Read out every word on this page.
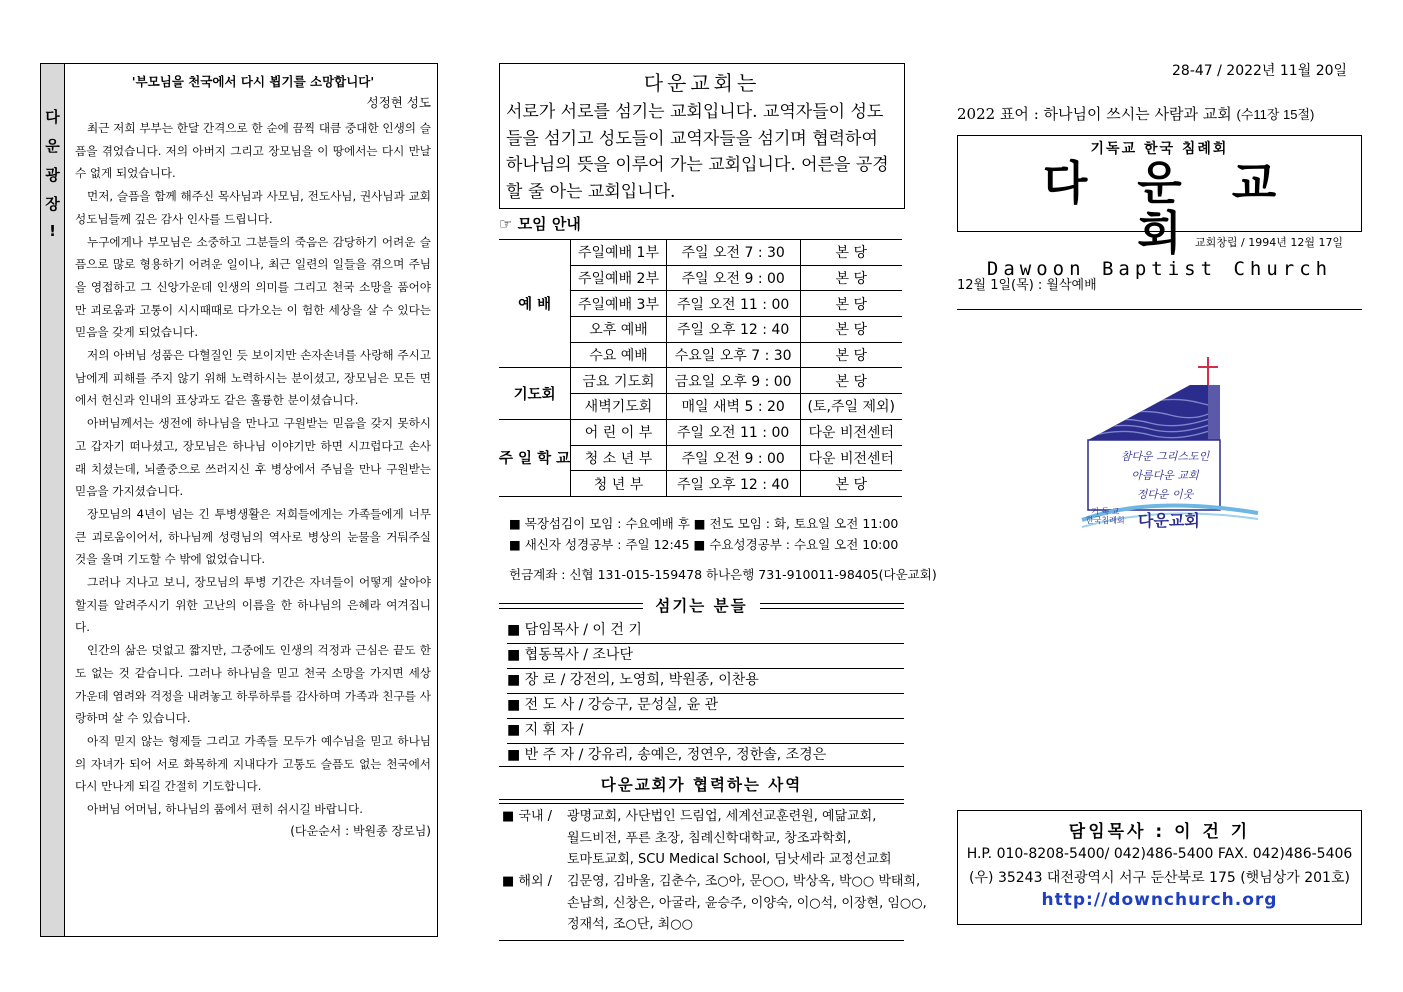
다
운
광
장
!
'부모님을 천국에서 다시 뵙기를 소망합니다'
성정현 성도

최근 저희 부부는 한달 간격으로 한 순에 끔찍 대큼 중대한 인생의 슬픔을 겪었습니다. 저의 아버지 그리고 장모님을 이 땅에서는 다시 만날 수 없게 되었습니다.

먼저, 슬픔을 함께 해주신 목사님과 사모님, 전도사님, 권사님과 교회 성도님들께 깊은 감사 인사를 드립니다.

누구에게나 부모님은 소중하고 그분들의 죽음은 감당하기 어려운 슬픔으로 많로 형용하기 어려운 일이나, 최근 일련의 일들을 겪으며 주님을 영접하고 그 신앙가운데 인생의 의미를 그리고 천국 소망을 품어야만 괴로움과 고통이 시시때때로 다가오는 이 험한 세상을 살 수 있다는 믿음을 갖게 되었습니다.

저의 아버님 성품은 다혈질인 듯 보이지만 손자손녀를 사랑해 주시고 남에게 피해를 주지 않기 위해 노력하시는 분이셨고, 장모님은 모든 면에서 헌신과 인내의 표상과도 같은 훌륭한 분이셨습니다.

아버님께서는 생전에 하나님을 만나고 구원받는 믿음을 갖지 못하시고 갑자기 떠나셨고, 장모님은 하나님 이야기만 하면 시끄럽다고 손사래 치셨는데, 뇌졸중으로 쓰러지신 후 병상에서 주님을 만나 구원받는 믿음을 가지셨습니다.

장모님의 4년이 넘는 긴 투병생활은 저희들에게는 가족들에게 너무 큰 괴로움이어서, 하나님께 성령님의 역사로 병상의 눈물을 거둬주실 것을 울며 기도할 수 밖에 없었습니다.

그러나 지나고 보니, 장모님의 투병 기간은 자녀들이 어떻게 살아야 할지를 알려주시기 위한 고난의 이름을 한 하나님의 은혜라 여겨집니다.

인간의 삶은 덧없고 짧지만, 그중에도 인생의 걱정과 근심은 끝도 한도 없는 것 같습니다. 그러나 하나님을 믿고 천국 소망을 가지면 세상 가운데 염려와 걱정을 내려놓고 하루하루를 감사하며 가족과 친구를 사랑하며 살 수 있습니다.

아직 믿지 않는 형제들 그리고 가족들 모두가 예수님을 믿고 하나님의 자녀가 되어 서로 화목하게 지내다가 고통도 슬픔도 없는 천국에서 다시 만나게 되길 간절히 기도합니다.

아버님 어머님, 하나님의 품에서 편히 쉬시길 바랍니다.

(다운순서 : 박원종 장로님)
다운교회는
서로가 서로를 섬기는 교회입니다. 교역자들이 성도들을 섬기고 성도들이 교역자들을 섬기며 협력하여 하나님의 뜻을 이루어 가는 교회입니다. 어른을 공경할 줄 아는 교회입니다.
☞ 모임 안내
예 배	주일예배 1부	주일 오전 7 : 30	본 당
	주일예배 2부	주일 오전 9 : 00	본 당
	주일예배 3부	주일 오전 11 : 00	본 당
	오후 예배	주일 오후 12 : 40	본 당
	수요 예배	수요일 오후 7 : 30	본 당
기도회	금요 기도회	금요일 오후 9 : 00	본 당
	새벽기도회	매일 새벽 5 : 20	(토,주일 제외)
주 일 학 교	어 린 이 부	주일 오전 11 : 00	다운 비전센터
	청 소 년 부	주일 오전 9 : 00	다운 비전센터
	청 년 부	주일 오후 12 : 40	본 당
■ 목장섬김이 모임 : 수요예배 후 ■ 전도 모임 : 화, 토요일 오전 11:00
■ 새신자 성경공부 : 주일 12:45 ■ 수요성경공부 : 수요일 오전 10:00
헌금계좌 : 신협 131-015-159478 하나은행 731-910011-98405(다운교회)
섬기는 분들
■ 담임목사 / 이 건 기
■ 협동목사 / 조나단
■ 장 로 / 강전의, 노영희, 박원종, 이찬용
■ 전 도 사 / 강승구, 문성실, 윤 관
■ 지 휘 자 /
■ 반 주 자 / 강유리, 송예은, 정연우, 정한솔, 조경은
다운교회가 협력하는 사역
■ 국내 / 광명교회, 사단법인 드림업, 세계선교훈련원, 예닮교회,
월드비전, 푸른 초장, 침례신학대학교, 창조과학회,
토마토교회, SCU Medical School, 딤낫세라 교정선교회
■ 해외 / 김문영, 김바울, 김춘수, 조○아, 문○○, 박상옥, 박○○ 박태희,
손남희, 신창은, 아굴라, 윤승주, 이양숙, 이○석, 이장현, 임○○,
정재석, 조○단, 최○○
28-47 / 2022년 11월 20일
2022 표어 : 하나님이 쓰시는 사람과 교회 (수11장 15절)
기독교 한국 침례회
다운교회
Dawoon Baptist Church
교회창립 / 1994년 12월 17일
12월 1일(목) : 월삭예배
참다운 그리스도인
아름다운 교회
정다운 이웃
기 독 교
한국침례회 다운교회
담임목사 : 이 건 기
H.P. 010-8208-5400/ 042)486-5400 FAX. 042)486-5406
(우) 35243 대전광역시 서구 둔산북로 175 (햇님상가 201호)
http://downchurch.org
